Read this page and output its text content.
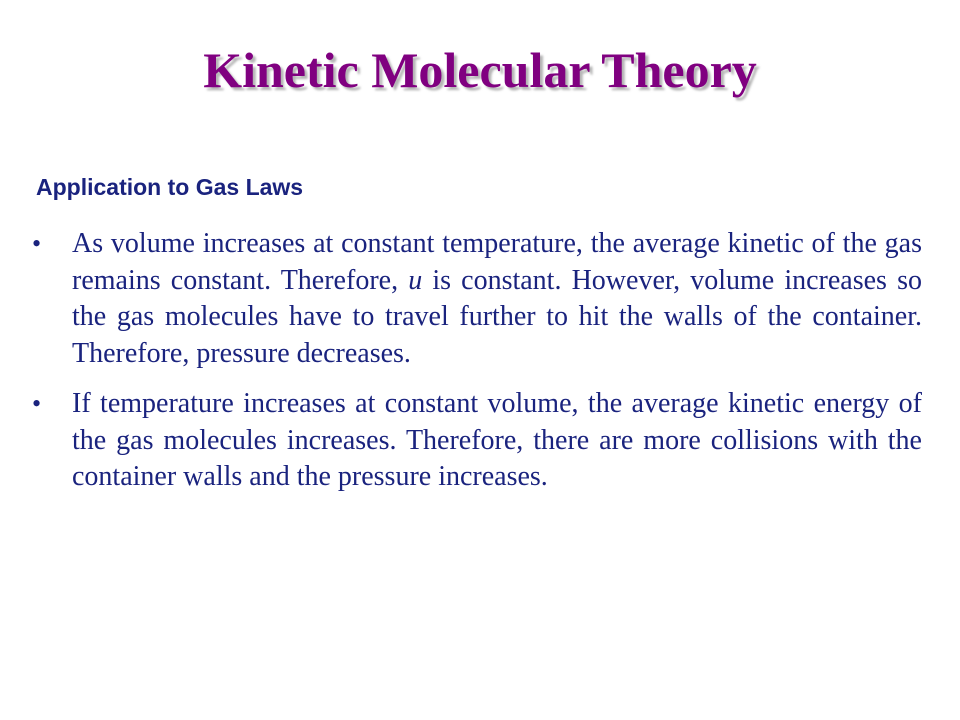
Kinetic Molecular Theory
Application to Gas Laws
• As volume increases at constant temperature, the average kinetic of the gas remains constant. Therefore, u is constant. However, volume increases so the gas molecules have to travel further to hit the walls of the container. Therefore, pressure decreases.
• If temperature increases at constant volume, the average kinetic energy of the gas molecules increases. Therefore, there are more collisions with the container walls and the pressure increases.
